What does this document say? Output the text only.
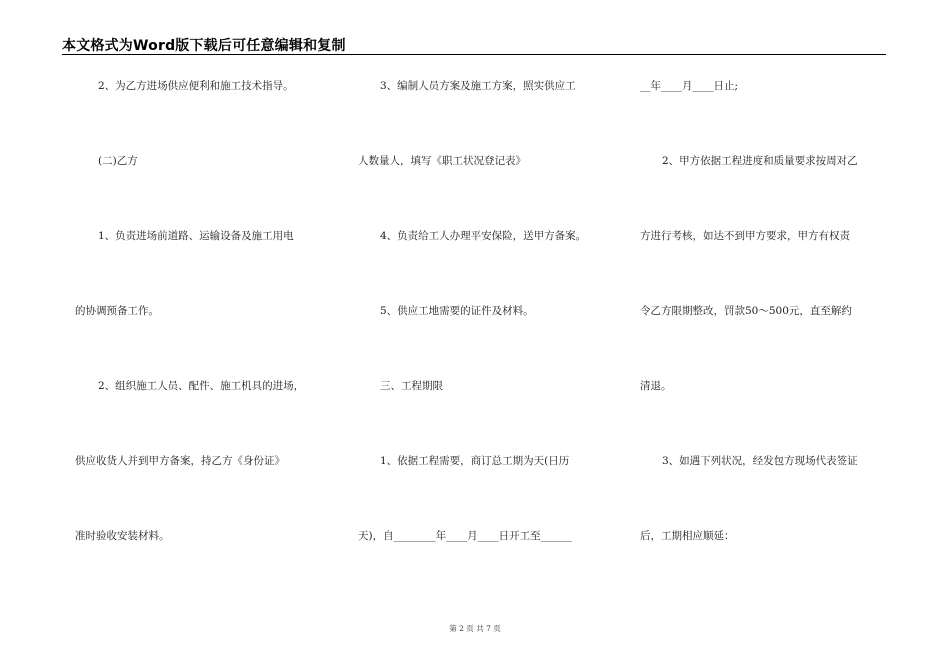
本文格式为Word版下载后可任意编辑和复制
2、为乙方进场供应便利和施工技术指导。
(二)乙方
1、负责进场前道路、运输设备及施工用电
的协调预备工作。
2、组织施工人员、配件、施工机具的进场，
供应收货人并到甲方备案，持乙方《身份证》
准时验收安装材料。
3、编制人员方案及施工方案，照实供应工
人数量人，填写《职工状况登记表》
4、负责给工人办理平安保险，送甲方备案。
5、供应工地需要的证件及材料。
三、工程期限
1、依据工程需要，商订总工期为天(日历
天)，自________年____月____日开工至______
__年____月____日止;
2、甲方依据工程进度和质量要求按周对乙
方进行考核，如达不到甲方要求，甲方有权责
令乙方限期整改，罚款50～500元，直至解约
清退。
3、如遇下列状况，经发包方现场代表签证
后，工期相应顺延：
第 2 页 共 7 页
